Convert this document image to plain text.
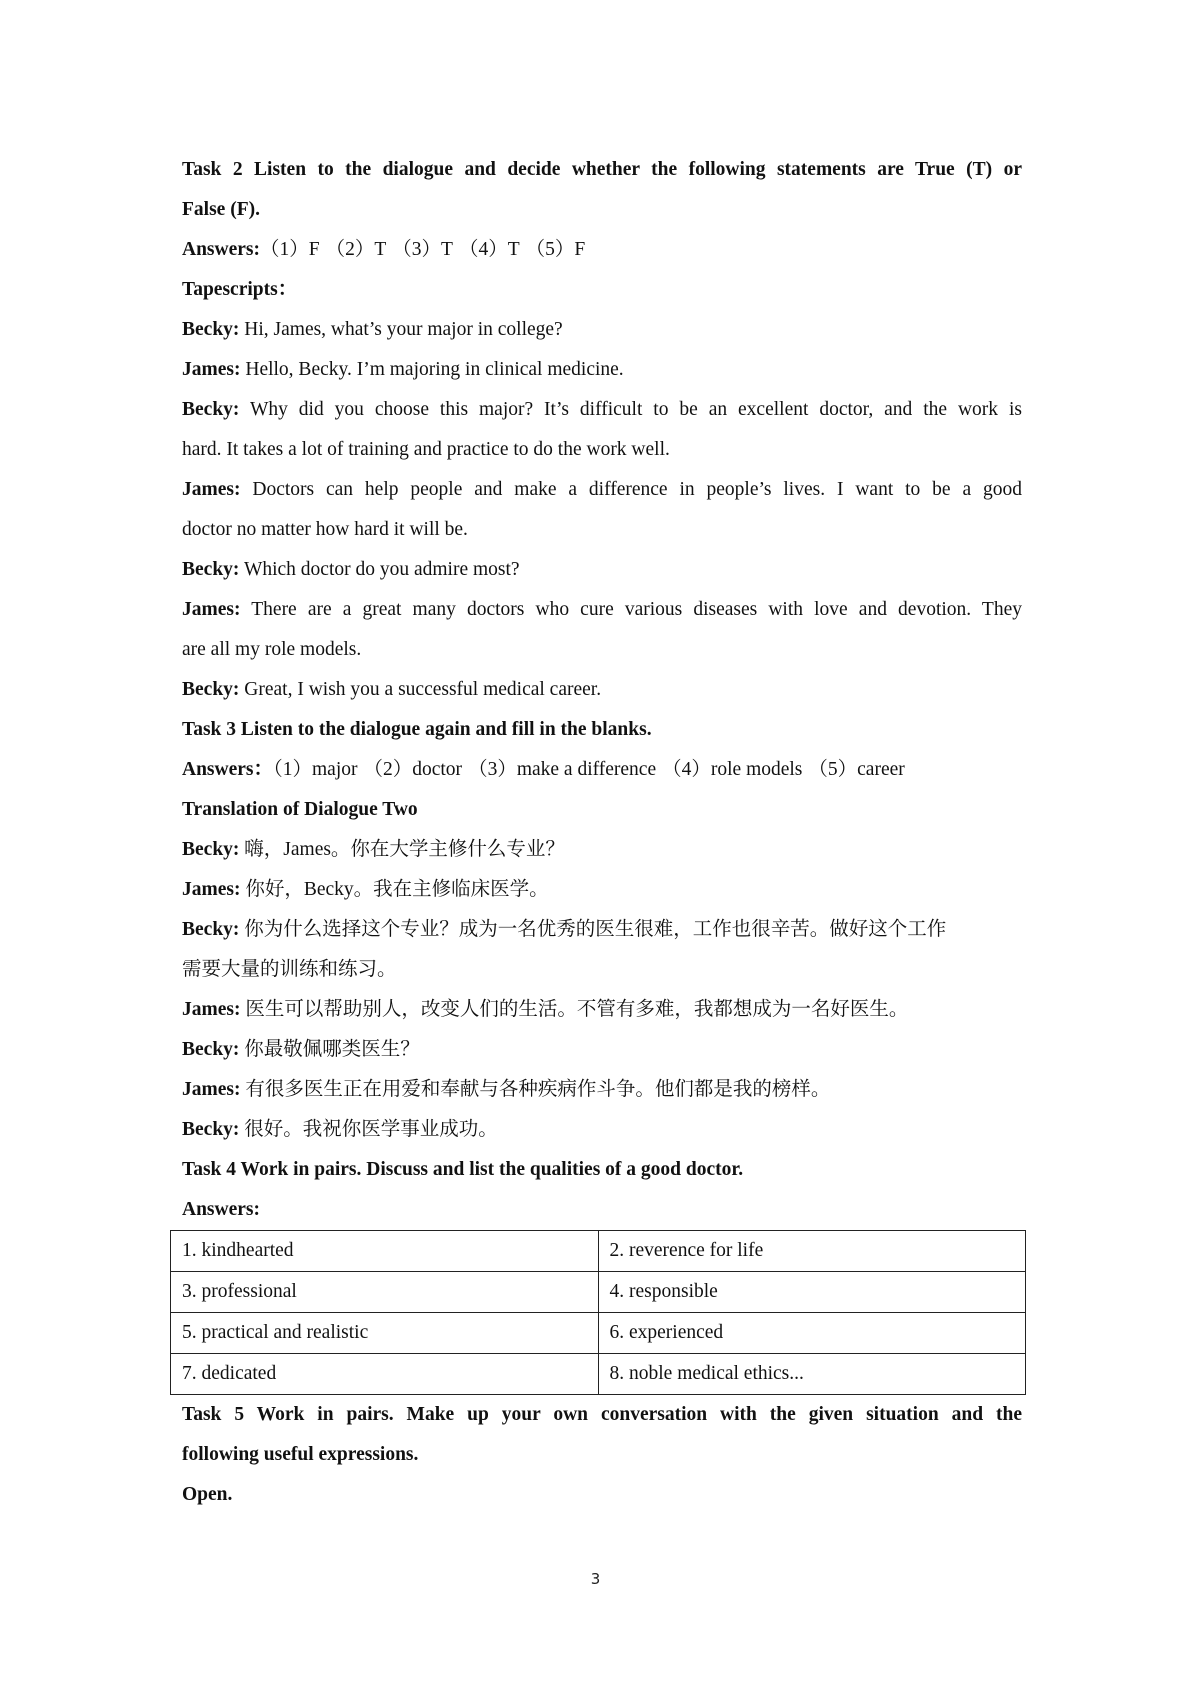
Task 2 Listen to the dialogue and decide whether the following statements are True (T) or
False (F).
Answers:（1）F （2）T （3）T （4）T （5）F
Tapescripts：
Becky: Hi, James, what’s your major in college?
James: Hello, Becky. I’m majoring in clinical medicine.
Becky: Why did you choose this major? It’s difficult to be an excellent doctor, and the work is
hard. It takes a lot of training and practice to do the work well.
James: Doctors can help people and make a difference in people’s lives. I want to be a good
doctor no matter how hard it will be.
Becky: Which doctor do you admire most?
James: There are a great many doctors who cure various diseases with love and devotion. They
are all my role models.
Becky: Great, I wish you a successful medical career.
Task 3 Listen to the dialogue again and fill in the blanks.
Answers：（1）major （2）doctor （3）make a difference （4）role models （5）career
Translation of Dialogue Two
Becky: 嗨，James。你在大学主修什么专业？
James: 你好，Becky。我在主修临床医学。
Becky: 你为什么选择这个专业？成为一名优秀的医生很难，工作也很辛苦。做好这个工作
需要大量的训练和练习。
James: 医生可以帮助别人，改变人们的生活。不管有多难，我都想成为一名好医生。
Becky: 你最敬佩哪类医生？
James: 有很多医生正在用爱和奉献与各种疾病作斗争。他们都是我的榜样。
Becky: 很好。我祝你医学事业成功。
Task 4 Work in pairs. Discuss and list the qualities of a good doctor.
Answers:
1. kindhearted	2. reverence for life
3. professional	4. responsible
5. practical and realistic	6. experienced
7. dedicated	8. noble medical ethics...
Task 5 Work in pairs. Make up your own conversation with the given situation and the
following useful expressions.
Open.
3
